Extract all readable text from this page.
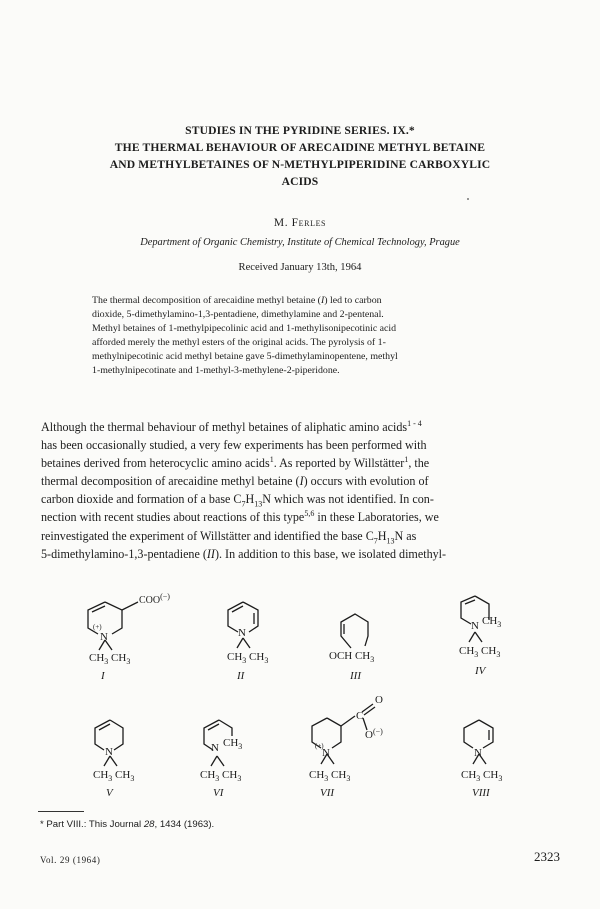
STUDIES IN THE PYRIDINE SERIES. IX.*
THE THERMAL BEHAVIOUR OF ARECAIDINE METHYL BETAINE
AND METHYLBETAINES OF N-METHYLPIPERIDINE CARBOXYLIC
ACIDS
M. Ferles
Department of Organic Chemistry, Institute of Chemical Technology, Prague
Received January 13th, 1964
The thermal decomposition of arecaidine methyl betaine (I) led to carbon
dioxide, 5-dimethylamino-1,3-pentadiene, dimethylamine and 2-pentenal.
Methyl betaines of 1-methylpipecolinic acid and 1-methylisonipecotinic acid
afforded merely the methyl esters of the original acids. The pyrolysis of 1-
methylnipecotinic acid methyl betaine gave 5-dimethylaminopentene, methyl
1-methylnipecotinate and 1-methyl-3-methylene-2-piperidone.
Although the thermal behaviour of methyl betaines of aliphatic amino acids$^{1 - 4}$
has been occasionally studied, a very few experiments has been performed with
betaines derived from heterocyclic amino acids$^1$. As reported by Willstätter$^1$, the
thermal decomposition of arecaidine methyl betaine (I) occurs with evolution of
carbon dioxide and formation of a base $C_7H_{13}N$ which was not identified. In con-
nection with recent studies about reactions of this type$^{5,6}$ in these Laboratories, we
reinvestigated the experiment of Willstätter and identified the base $C_7H_{13}N$ as
5-dimethylamino-1,3-pentadiene (II). In addition to this base, we isolated dimethyl-
COO(−)
(+)
N
$CH_3$ $CH_3$
I
N
$CH_3$ $CH_3$
II
OCH $CH_3$
III
N $CH_3$
$CH_3$ $CH_3$
IV
N
$CH_3$ $CH_3$
V
N $CH_3$
$CH_3$ $CH_3$
VI
C
O
O(−)
(+)
N
$CH_3$ $CH_3$
VII
N
$CH_3$ $CH_3$
VIII
* Part VIII.: This Journal 28, 1434 (1963).
Vol. 29 (1964)	2323
